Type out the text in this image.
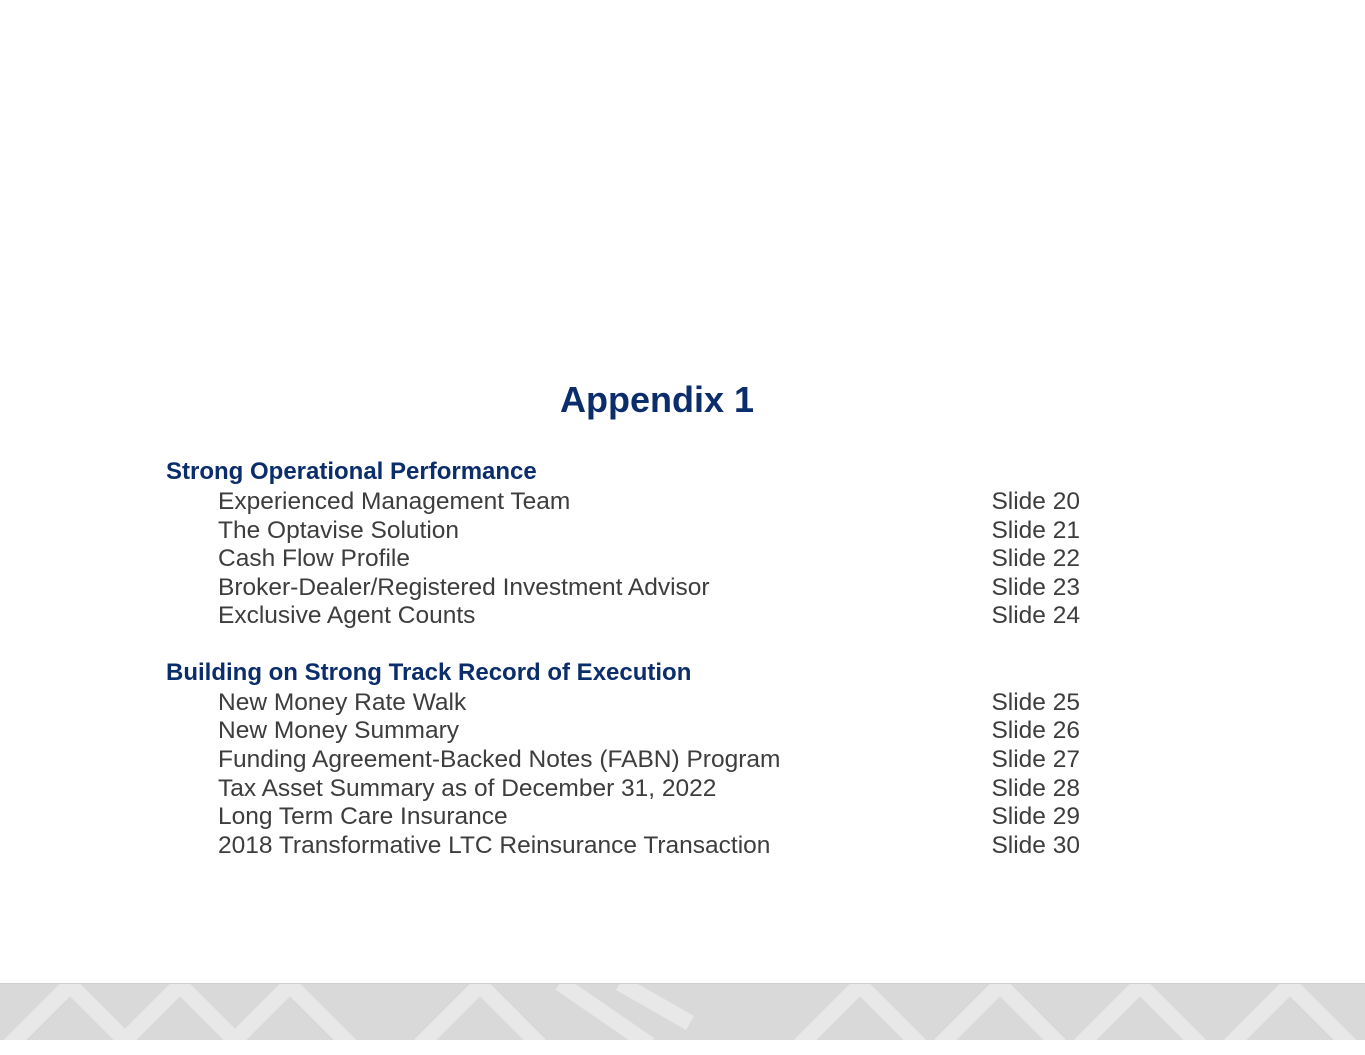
Appendix 1
Strong Operational Performance
Experienced Management Team	Slide 20
The Optavise Solution	Slide 21
Cash Flow Profile	Slide 22
Broker-Dealer/Registered Investment Advisor	Slide 23
Exclusive Agent Counts	Slide 24
Building on Strong Track Record of Execution
New Money Rate Walk	Slide 25
New Money Summary	Slide 26
Funding Agreement-Backed Notes (FABN) Program	Slide 27
Tax Asset Summary as of December 31, 2022	Slide 28
Long Term Care Insurance	Slide 29
2018 Transformative LTC Reinsurance Transaction	Slide 30
